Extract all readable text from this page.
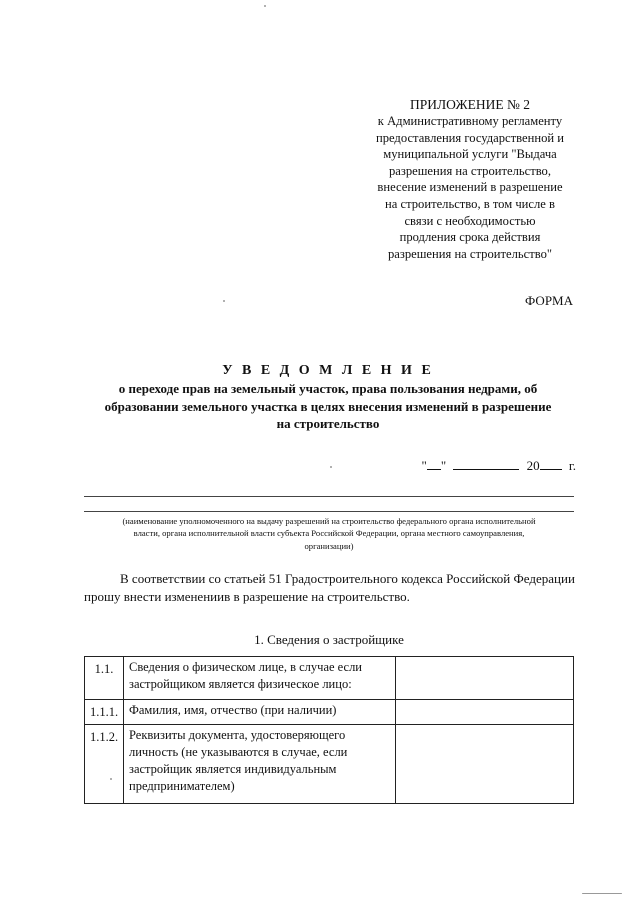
ПРИЛОЖЕНИЕ № 2
к Административному регламенту
предоставления государственной и
муниципальной услуги "Выдача
разрешения на строительство,
внесение изменений в разрешение
на строительство, в том числе в
связи с необходимостью
продления срока действия
разрешения на строительство"
ФОРМА
У В Е Д О М Л Е Н И Е
о переходе прав на земельный участок, права пользования недрами, об
образовании земельного участка в целях внесения изменений в разрешение
на строительство
" "	20 г.
(наименование уполномоченного на выдачу разрешений на строительство федерального органа исполнительной
власти, органа исполнительной власти субъекта Российской Федерации, органа местного самоуправления,
организации)
В соответствии со статьей 51 Градостроительного кодекса Российской Федерации прошу внести изменениив в разрешение на строительство.
1. Сведения о застройщике
1.1.	Сведения о физическом лице, в случае если застройщиком является физическое лицо:	
1.1.1.	Фамилия, имя, отчество (при наличии)	
1.1.2.	Реквизиты документа, удостоверяющего личность (не указываются в случае, если застройщик является индивидуальным предпринимателем)	
